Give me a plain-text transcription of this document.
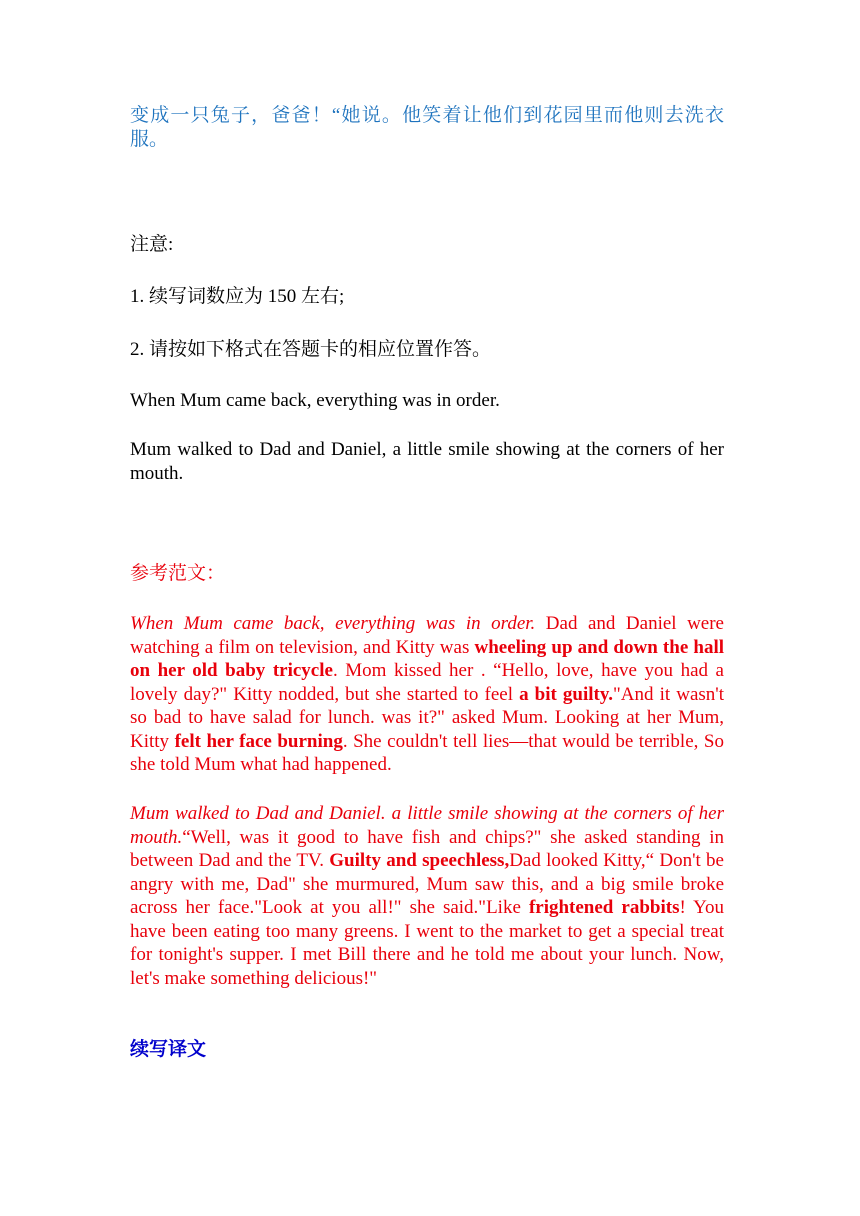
变成一只兔子，爸爸！“她说。他笑着让他们到花园里而他则去洗衣服。

注意:

1. 续写词数应为 150 左右;

2. 请按如下格式在答题卡的相应位置作答。

When Mum came back, everything was in order.

Mum walked to Dad and Daniel, a little smile showing at the corners of her mouth.

参考范文：

When Mum came back, everything was in order. Dad and Daniel were watching a film on television, and Kitty was wheeling up and down the hall on her old baby tricycle. Mom kissed her . “Hello, love, have you had a lovely day?" Kitty nodded, but she started to feel a bit guilty."And it wasn't so bad to have salad for lunch. was it?" asked Mum. Looking at her Mum, Kitty felt her face burning. She couldn't tell lies—that would be terrible, So she told Mum what had happened.

Mum walked to Dad and Daniel. a little smile showing at the corners of her mouth.“Well, was it good to have fish and chips?" she asked standing in between Dad and the TV. Guilty and speechless,Dad looked Kitty,“ Don't be angry with me, Dad" she murmured, Mum saw this, and a big smile broke across her face."Look at you all!" she said."Like frightened rabbits! You have been eating too many greens. I went to the market to get a special treat for tonight's supper. I met Bill there and he told me about your lunch. Now, let's make something delicious!"

续写译文
